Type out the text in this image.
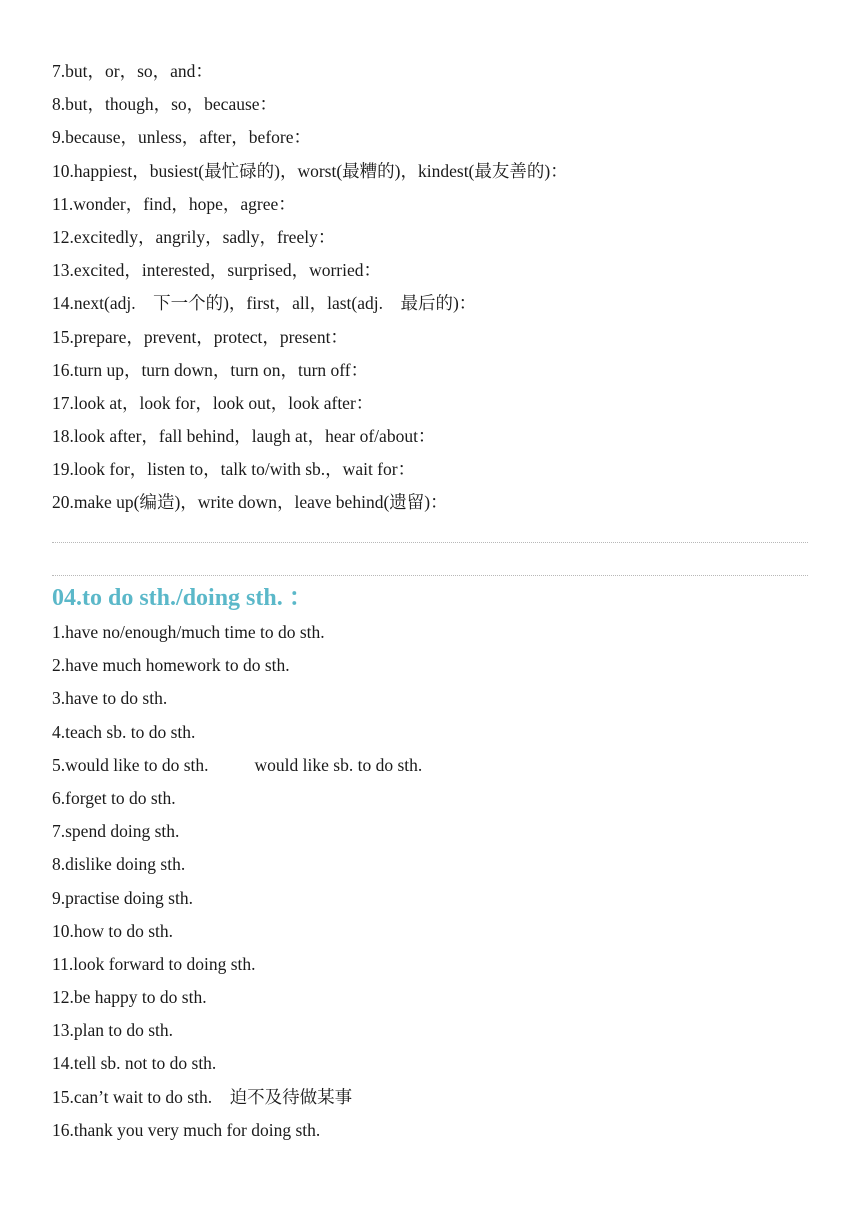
7.but，or，so，and：
8.but，though，so，because：
9.because，unless，after，before：
10.happiest，busiest(最忙碌的)，worst(最糟的)，kindest(最友善的)：
11.wonder，find，hope，agree：
12.excitedly，angrily，sadly，freely：
13.excited，interested，surprised，worried：
14.next(adj.　下一个的)，first，all，last(adj.　最后的)：
15.prepare，prevent，protect，present：
16.turn up，turn down，turn on，turn off：
17.look at，look for，look out，look after：
18.look after，fall behind，laugh at，hear of/about：
19.look for，listen to，talk to/with sb.，wait for：
20.make up(编造)，write down，leave behind(遗留)：
04.to do sth./doing sth. ：
1.have no/enough/much time to do sth.
2.have much homework to do sth.
3.have to do sth.
4.teach sb. to do sth.
5.would like to do sth.	would like sb. to do sth.
6.forget to do sth.
7.spend doing sth.
8.dislike doing sth.
9.practise doing sth.
10.how to do sth.
11.look forward to doing sth.
12.be happy to do sth.
13.plan to do sth.
14.tell sb. not to do sth.
15.can’t wait to do sth.　迫不及待做某事
16.thank you very much for doing sth.
